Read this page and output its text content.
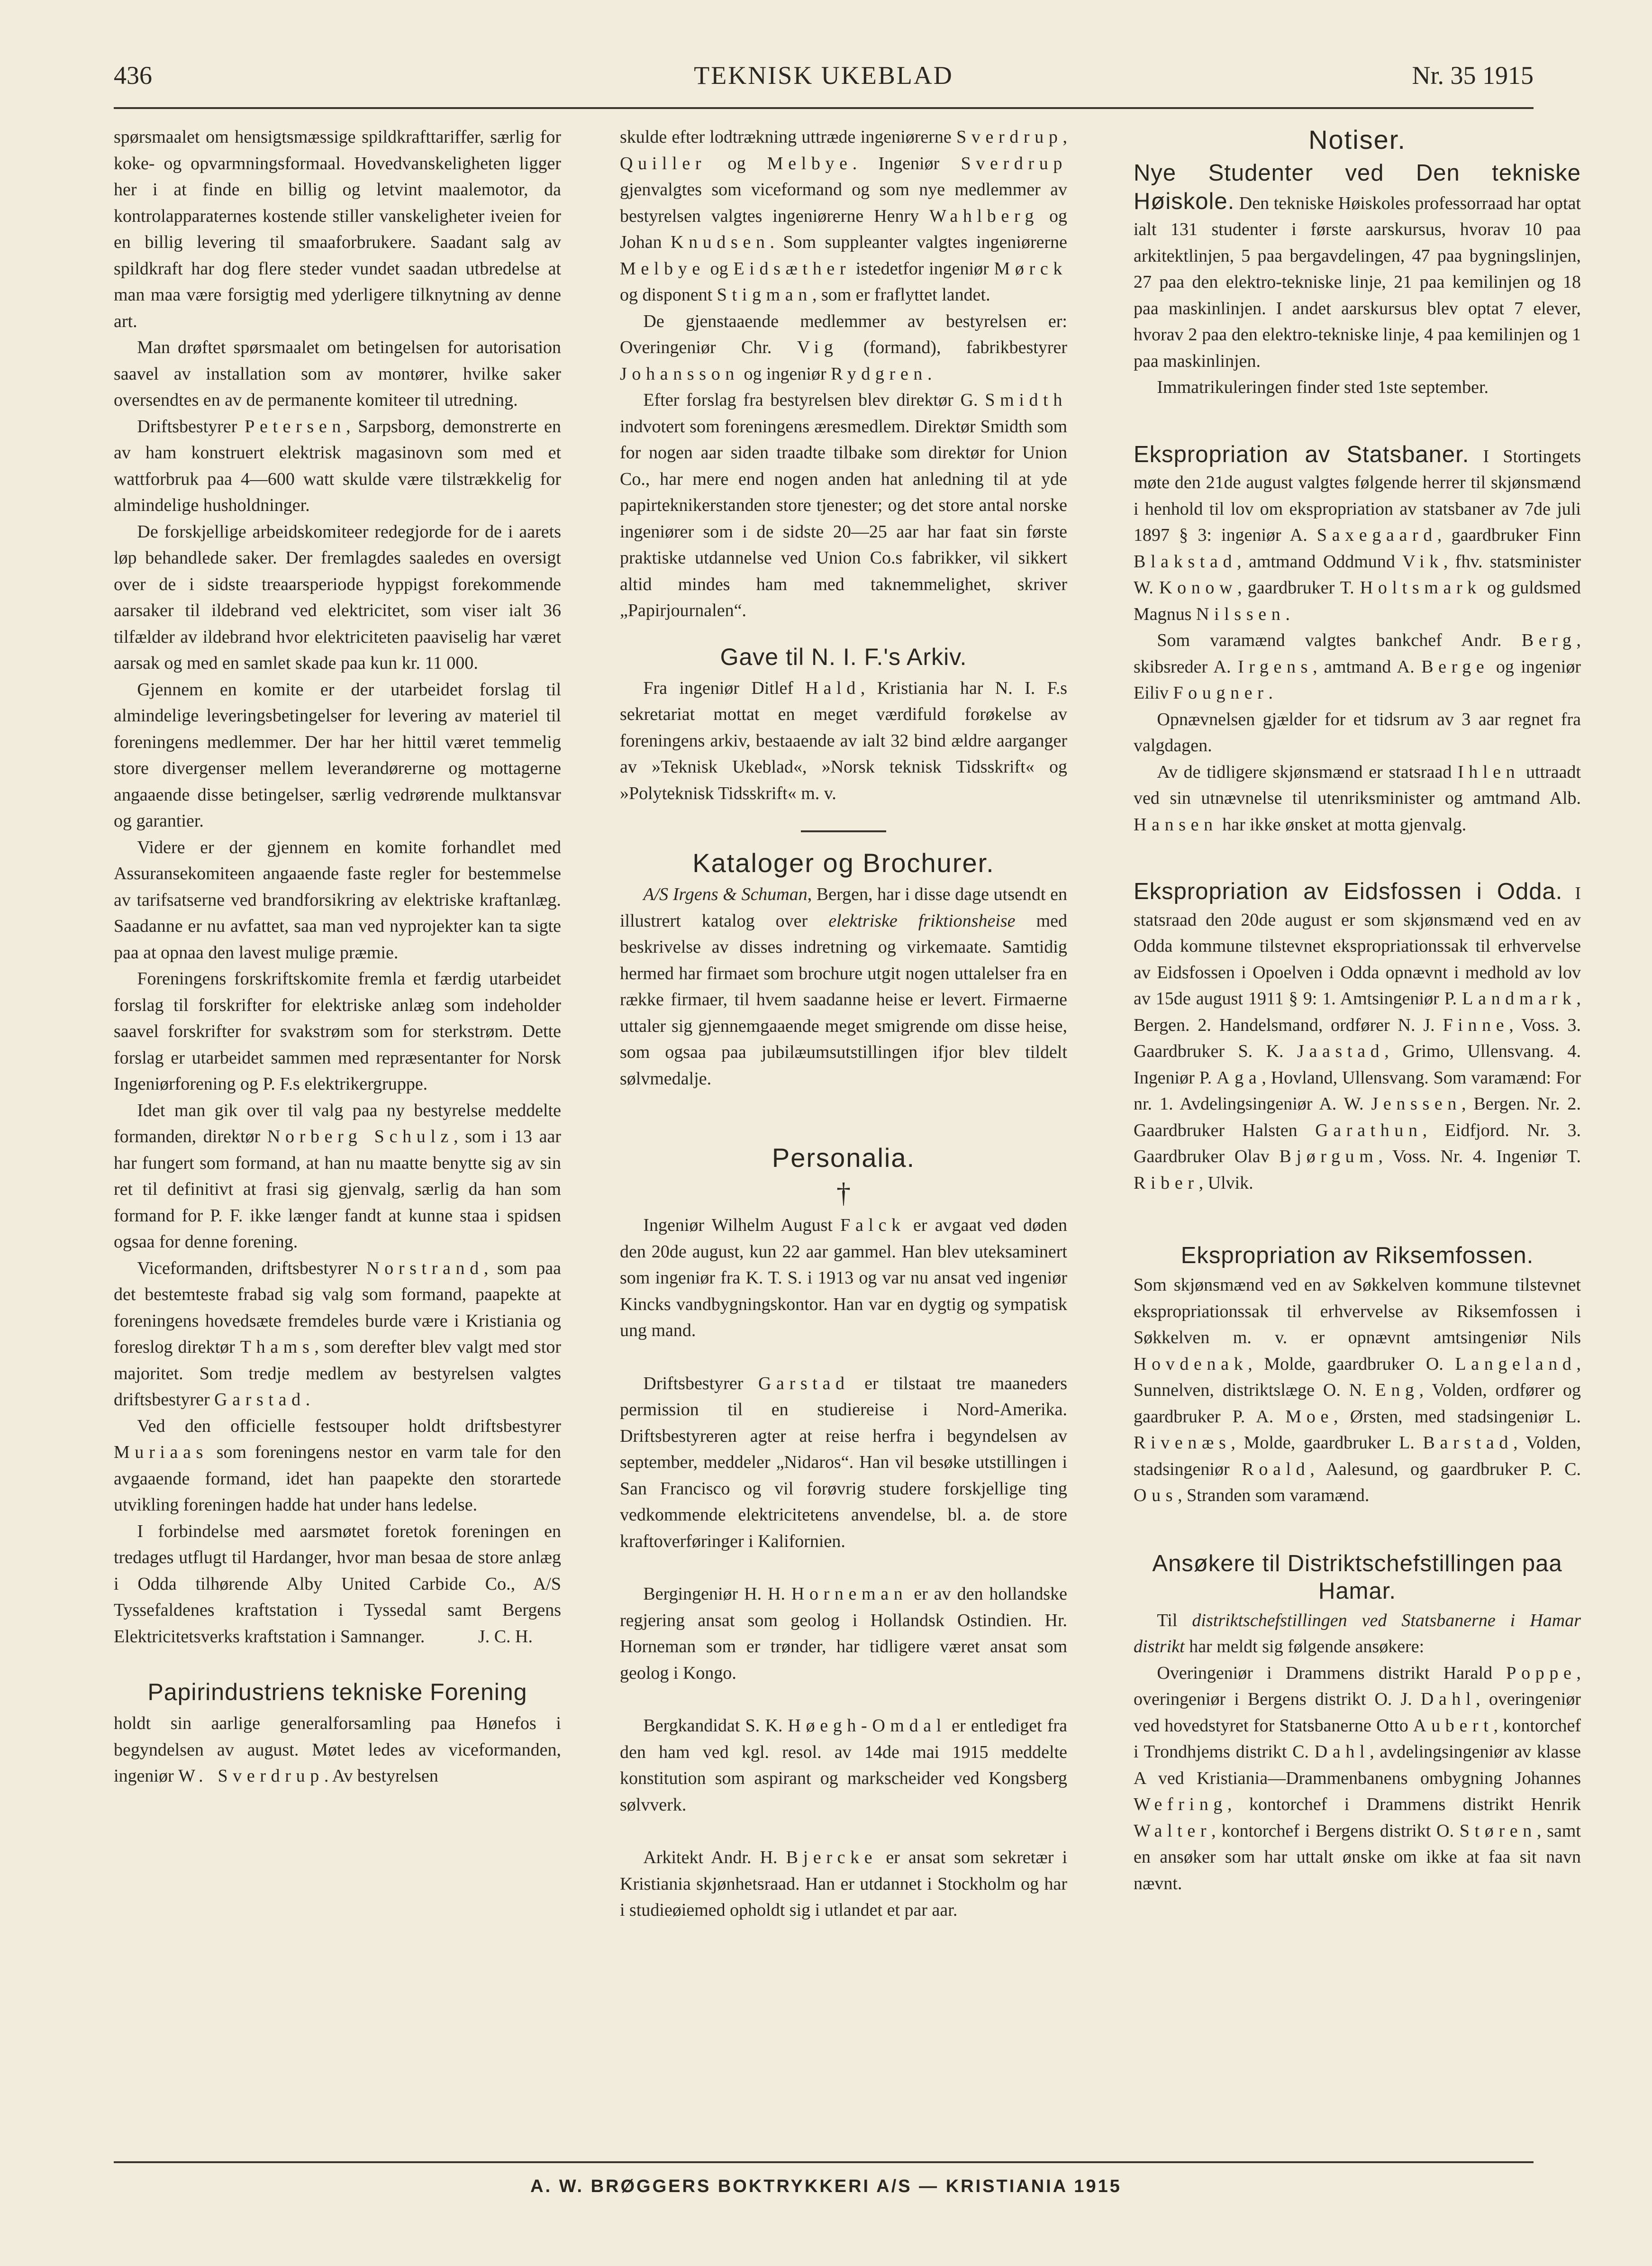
436	TEKNISK UKEBLAD	Nr. 35 1915

spørsmaalet om hensigtsmæssige spildkrafttariffer, særlig for koke- og opvarmningsformaal. Hovedvanskeligheten ligger her i at finde en billig og letvint maalemotor, da kontrolapparaternes kostende stiller vanskeligheter iveien for en billig levering til smaaforbrukere. Saadant salg av spildkraft har dog flere steder vundet saadan utbredelse at man maa være forsigtig med yderligere tilknytning av denne art.

Man drøftet spørsmaalet om betingelsen for autorisation saavel av installation som av montører, hvilke saker oversendtes en av de permanente komiteer til utredning.

Driftsbestyrer Petersen, Sarpsborg, demonstrerte en av ham konstruert elektrisk magasinovn som med et wattforbruk paa 4—600 watt skulde være tilstrækkelig for almindelige husholdninger.

De forskjellige arbeidskomiteer redegjorde for de i aarets løp behandlede saker. Der fremlagdes saaledes en oversigt over de i sidste treaarsperiode hyppigst forekommende aarsaker til ildebrand ved elektricitet, som viser ialt 36 tilfælder av ildebrand hvor elektriciteten paaviselig har været aarsak og med en samlet skade paa kun kr. 11 000.

Gjennem en komite er der utarbeidet forslag til almindelige leveringsbetingelser for levering av materiel til foreningens medlemmer. Der har her hittil været temmelig store divergenser mellem leverandørerne og mottagerne angaaende disse betingelser, særlig vedrørende mulktansvar og garantier.

Videre er der gjennem en komite forhandlet med Assuransekomiteen angaaende faste regler for bestemmelse av tarifsatserne ved brandforsikring av elektriske kraftanlæg. Saadanne er nu avfattet, saa man ved nyprojekter kan ta sigte paa at opnaa den lavest mulige præmie.

Foreningens forskriftskomite fremla et færdig utarbeidet forslag til forskrifter for elektriske anlæg som indeholder saavel forskrifter for svakstrøm som for sterkstrøm. Dette forslag er utarbeidet sammen med repræsentanter for Norsk Ingeniørforening og P. F.s elektrikergruppe.

Idet man gik over til valg paa ny bestyrelse meddelte formanden, direktør Norberg Schulz, som i 13 aar har fungert som formand, at han nu maatte benytte sig av sin ret til definitivt at frasi sig gjenvalg, særlig da han som formand for P. F. ikke længer fandt at kunne staa i spidsen ogsaa for denne forening.

Viceformanden, driftsbestyrer Norstrand, som paa det bestemteste frabad sig valg som formand, paapekte at foreningens hovedsæte fremdeles burde være i Kristiania og foreslog direktør Thams, som derefter blev valgt med stor majoritet. Som tredje medlem av bestyrelsen valgtes driftsbestyrer Garstad.

Ved den officielle festsouper holdt driftsbestyrer Muriaas som foreningens nestor en varm tale for den avgaaende formand, idet han paapekte den storartede utvikling foreningen hadde hat under hans ledelse.

I forbindelse med aarsmøtet foretok foreningen en tredages utflugt til Hardanger, hvor man besaa de store anlæg i Odda tilhørende Alby United Carbide Co., A/S Tyssefaldenes kraftstation i Tyssedal samt Bergens Elektricitetsverks kraftstation i Samnanger.	J. C. H.

Papirindustriens tekniske Forening

holdt sin aarlige generalforsamling paa Hønefos i begyndelsen av august. Møtet ledes av viceformanden, ingeniør W. Sverdrup. Av bestyrelsen

skulde efter lodtrækning uttræde ingeniørerne Sverdrup, Quiller og Melbye. Ingeniør Sverdrup gjenvalgtes som viceformand og som nye medlemmer av bestyrelsen valgtes ingeniørerne Henry Wahlberg og Johan Knudsen. Som suppleanter valgtes ingeniørerne Melbye og Eidsæther istedetfor ingeniør Mørck og disponent Stigman, som er fraflyttet landet.

De gjenstaaende medlemmer av bestyrelsen er: Overingeniør Chr. Vig (formand), fabrikbestyrer Johansson og ingeniør Rydgren.

Efter forslag fra bestyrelsen blev direktør G. Smidth indvotert som foreningens æresmedlem. Direktør Smidth som for nogen aar siden traadte tilbake som direktør for Union Co., har mere end nogen anden hat anledning til at yde papirteknikerstanden store tjenester; og det store antal norske ingeniører som i de sidste 20—25 aar har faat sin første praktiske utdannelse ved Union Co.s fabrikker, vil sikkert altid mindes ham med taknemmelighet, skriver „Papirjournalen“.

Gave til N. I. F.'s Arkiv.

Fra ingeniør Ditlef Hald, Kristiania har N. I. F.s sekretariat mottat en meget værdifuld forøkelse av foreningens arkiv, bestaaende av ialt 32 bind ældre aarganger av »Teknisk Ukeblad«, »Norsk teknisk Tidsskrift« og »Polyteknisk Tidsskrift« m. v.

Kataloger og Brochurer.

A/S Irgens & Schuman, Bergen, har i disse dage utsendt en illustrert katalog over elektriske friktionsheise med beskrivelse av disses indretning og virkemaate. Samtidig hermed har firmaet som brochure utgit nogen uttalelser fra en række firmaer, til hvem saadanne heise er levert. Firmaerne uttaler sig gjennemgaaende meget smigrende om disse heise, som ogsaa paa jubilæumsutstillingen ifjor blev tildelt sølvmedalje.

Personalia.
†

Ingeniør Wilhelm August Falck er avgaat ved døden den 20de august, kun 22 aar gammel. Han blev uteksaminert som ingeniør fra K. T. S. i 1913 og var nu ansat ved ingeniør Kincks vandbygningskontor. Han var en dygtig og sympatisk ung mand.

Driftsbestyrer Garstad er tilstaat tre maaneders permission til en studiereise i Nord-Amerika. Driftsbestyreren agter at reise herfra i begyndelsen av september, meddeler „Nidaros“. Han vil besøke utstillingen i San Francisco og vil forøvrig studere forskjellige ting vedkommende elektricitetens anvendelse, bl. a. de store kraftoverføringer i Kalifornien.

Bergingeniør H. H. Horneman er av den hollandske regjering ansat som geolog i Hollandsk Ostindien. Hr. Horneman som er trønder, har tidligere været ansat som geolog i Kongo.

Bergkandidat S. K. Høegh-Omdal er entlediget fra den ham ved kgl. resol. av 14de mai 1915 meddelte konstitution som aspirant og markscheider ved Kongsberg sølvverk.

Arkitekt Andr. H. Bjercke er ansat som sekretær i Kristiania skjønhetsraad. Han er utdannet i Stockholm og har i studieøiemed opholdt sig i utlandet et par aar.

Notiser.

Nye Studenter ved Den tekniske Høiskole. Den tekniske Høiskoles professorraad har optat ialt 131 studenter i første aarskursus, hvorav 10 paa arkitektlinjen, 5 paa bergavdelingen, 47 paa bygningslinjen, 27 paa den elektro-tekniske linje, 21 paa kemilinjen og 18 paa maskinlinjen. I andet aarskursus blev optat 7 elever, hvorav 2 paa den elektro-tekniske linje, 4 paa kemilinjen og 1 paa maskinlinjen.

Immatrikuleringen finder sted 1ste september.

Ekspropriation av Statsbaner. I Stortingets møte den 21de august valgtes følgende herrer til skjønsmænd i henhold til lov om ekspropriation av statsbaner av 7de juli 1897 § 3: ingeniør A. Saxegaard, gaardbruker Finn Blakstad, amtmand Oddmund Vik, fhv. statsminister W. Konow, gaardbruker T. Holtsmark og guldsmed Magnus Nilssen.

Som varamænd valgtes bankchef Andr. Berg, skibsreder A. Irgens, amtmand A. Berge og ingeniør Eiliv Fougner.

Opnævnelsen gjælder for et tidsrum av 3 aar regnet fra valgdagen.

Av de tidligere skjønsmænd er statsraad Ihlen uttraadt ved sin utnævnelse til utenriksminister og amtmand Alb. Hansen har ikke ønsket at motta gjenvalg.

Ekspropriation av Eidsfossen i Odda. I statsraad den 20de august er som skjønsmænd ved en av Odda kommune tilstevnet ekspropriationssak til erhvervelse av Eidsfossen i Opoelven i Odda opnævnt i medhold av lov av 15de august 1911 § 9: 1. Amtsingeniør P. Landmark, Bergen. 2. Handelsmand, ordfører N. J. Finne, Voss. 3. Gaardbruker S. K. Jaastad, Grimo, Ullensvang. 4. Ingeniør P. Aga, Hovland, Ullensvang. Som varamænd: For nr. 1. Avdelingsingeniør A. W. Jenssen, Bergen. Nr. 2. Gaardbruker Halsten Garathun, Eidfjord. Nr. 3. Gaardbruker Olav Bjørgum, Voss. Nr. 4. Ingeniør T. Riber, Ulvik.

Ekspropriation av Riksemfossen.

Som skjønsmænd ved en av Søkkelven kommune tilstevnet ekspropriationssak til erhvervelse av Riksemfossen i Søkkelven m. v. er opnævnt amtsingeniør Nils Hovdenak, Molde, gaardbruker O. Langeland, Sunnelven, distriktslæge O. N. Eng, Volden, ordfører og gaardbruker P. A. Moe, Ørsten, med stadsingeniør L. Rivenæs, Molde, gaardbruker L. Barstad, Volden, stadsingeniør Roald, Aalesund, og gaardbruker P. C. Ous, Stranden som varamænd.

Ansøkere til Distriktschefstillingen paa Hamar.

Til distriktschefstillingen ved Statsbanerne i Hamar distrikt har meldt sig følgende ansøkere:

Overingeniør i Drammens distrikt Harald Poppe, overingeniør i Bergens distrikt O. J. Dahl, overingeniør ved hovedstyret for Statsbanerne Otto Aubert, kontorchef i Trondhjems distrikt C. Dahl, avdelingsingeniør av klasse A ved Kristiania—Drammenbanens ombygning Johannes Wefring, kontorchef i Drammens distrikt Henrik Walter, kontorchef i Bergens distrikt O. Støren, samt en ansøker som har uttalt ønske om ikke at faa sit navn nævnt.

A. W. BRØGGERS BOKTRYKKERI A/S — KRISTIANIA 1915
